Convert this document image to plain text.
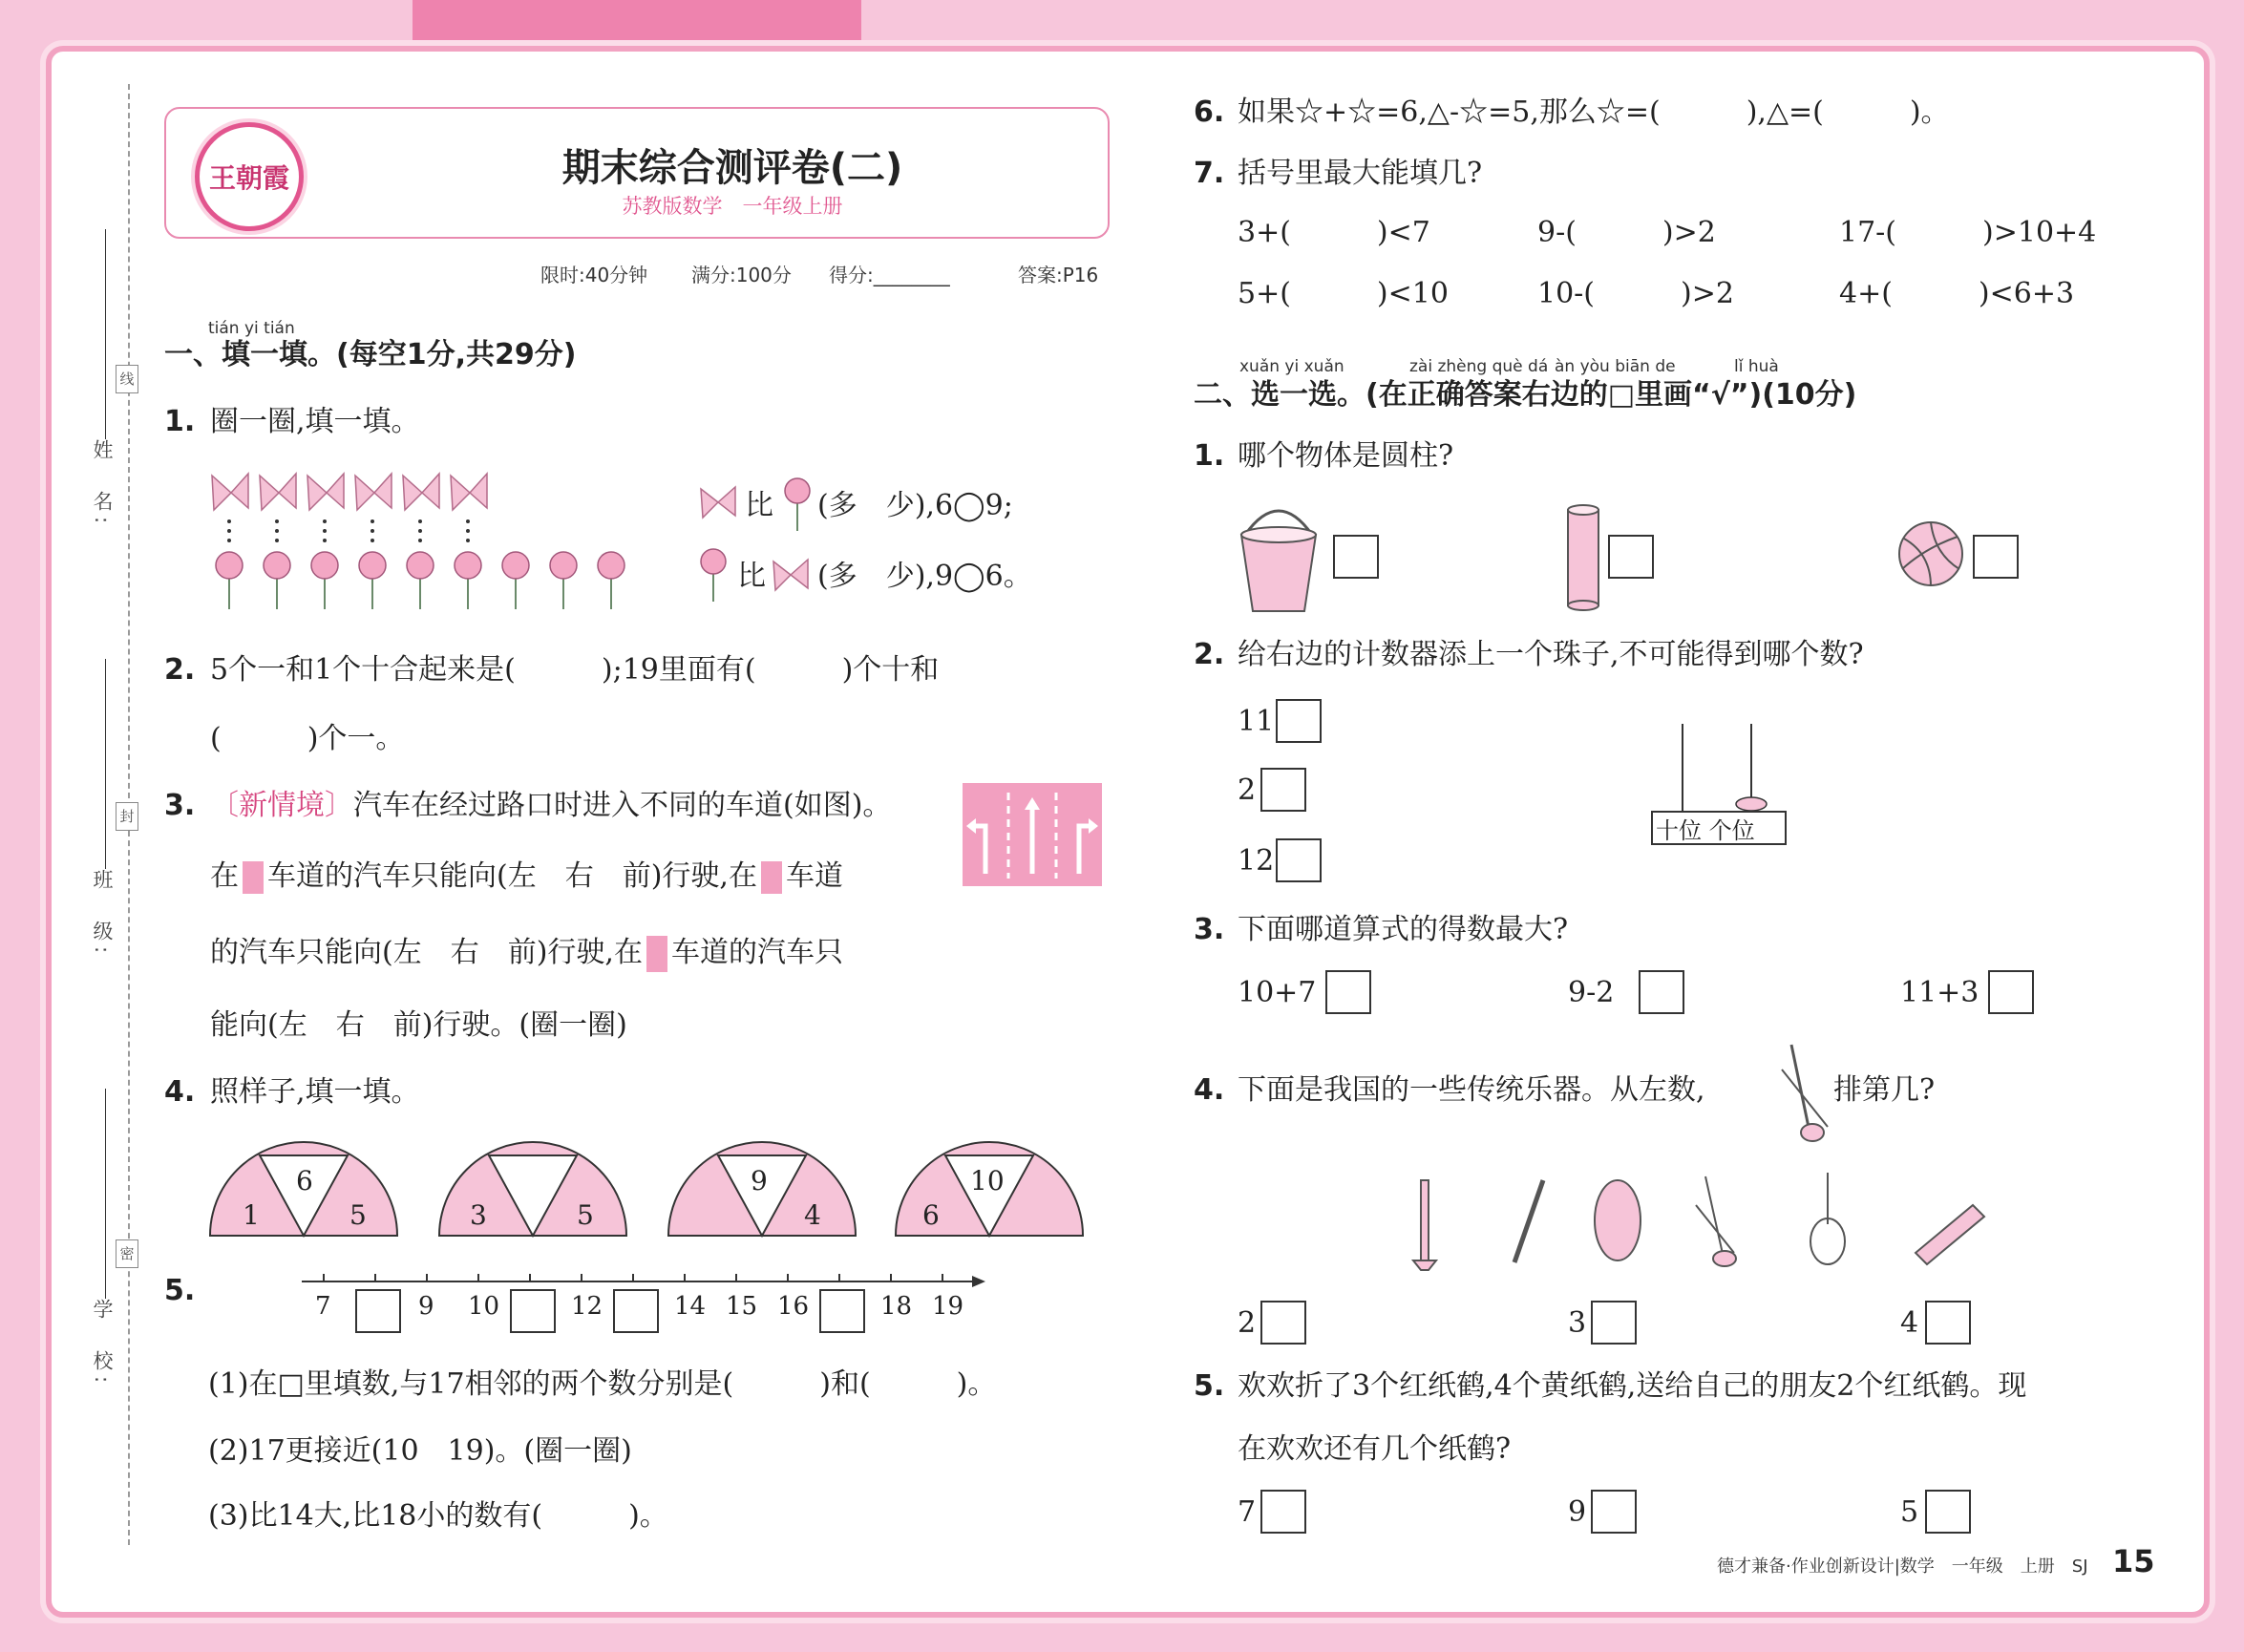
线
封
密
姓　名:
班　级:
学　校:
王朝霞	期末综合测评卷(二)
苏教版数学　一年级上册
限时:40分钟 满分:100分 得分:________	答案:P16
tián yi tián
一、填一填。(每空1分,共29分)
1. 圈一圈,填一填。
比 (多　少),6◯9;
比 (多　少),9◯6。
2. 5个一和1个十合起来是(　　　);19里面有(　　　)个十和
(　　　)个一。
3. 〔新情境〕汽车在经过路口时进入不同的车道(如图)。
在 车道的汽车只能向(左　右　前)行驶,在 车道
的汽车只能向(左　右　前)行驶,在 车道的汽车只
能向(左　右　前)行驶。(圈一圈)
4. 照样子,填一填。
6
1	5	3	5
9
4
10
6
5.	7	9 10	12	14 15 16	18 19
(1)在□里填数,与17相邻的两个数分别是(　　　)和(　　　)。
(2)17更接近(10　19)。(圈一圈)
(3)比14大,比18小的数有(　　　)。
6. 如果☆+☆=6,△-☆=5,那么☆=(　　　),△=(　　　)。
7. 括号里最大能填几?
3+(　　　)<7	9-(　　　)>2	17-(　　　)>10+4
5+(　　　)<10	10-(　　　)>2	4+(　　　)<6+3
xuǎn yi xuǎn	zài zhèng què dá àn yòu biān de	lǐ huà
二、选一选。(在正确答案右边的□里画“√”)(10分)
1. 哪个物体是圆柱?
2. 给右边的计数器添上一个珠子,不可能得到哪个数?
11
2
12
十位 个位
3. 下面哪道算式的得数最大?
10+7	9-2	11+3
4. 下面是我国的一些传统乐器。从左数,	排第几?
2	3	4
5. 欢欢折了3个红纸鹤,4个黄纸鹤,送给自己的朋友2个红纸鹤。现
在欢欢还有几个纸鹤?
7	9	5
德才兼备·作业创新设计|数学　一年级　上册　SJ 15
